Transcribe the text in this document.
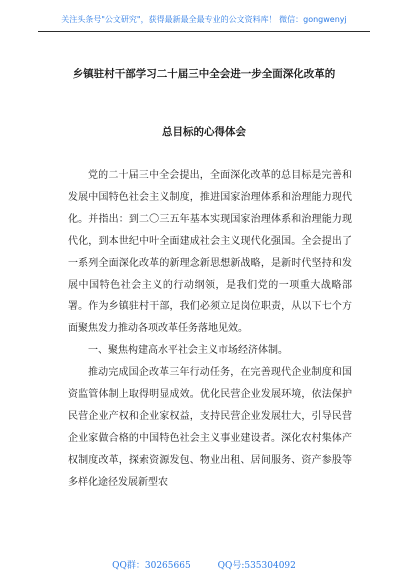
关注头条号"公文研究"，获得最新最全最专业的公文资料库！ 微信：gongwenyj
乡镇驻村干部学习二十届三中全会进一步全面深化改革的
总目标的心得体会

党的二十届三中全会提出，全面深化改革的总目标是完善和发展中国特色社会主义制度，推进国家治理体系和治理能力现代化。并指出：到二〇三五年基本实现国家治理体系和治理能力现代化，到本世纪中叶全面建成社会主义现代化强国。全会提出了一系列全面深化改革的新理念新思想新战略，是新时代坚持和发展中国特色社会主义的行动纲领，是我们党的一项重大战略部署。作为乡镇驻村干部，我们必须立足岗位职责，从以下七个方面聚焦发力推动各项改革任务落地见效。

一、聚焦构建高水平社会主义市场经济体制。

推动完成国企改革三年行动任务，在完善现代企业制度和国资监管体制上取得明显成效。优化民营企业发展环境，依法保护民营企业产权和企业家权益，支持民营企业发展壮大，引导民营企业家做合格的中国特色社会主义事业建设者。深化农村集体产权制度改革，探索资源发包、物业出租、居间服务、资产参股等多样化途径发展新型农

QQ群：30265665	QQ号:535304092
